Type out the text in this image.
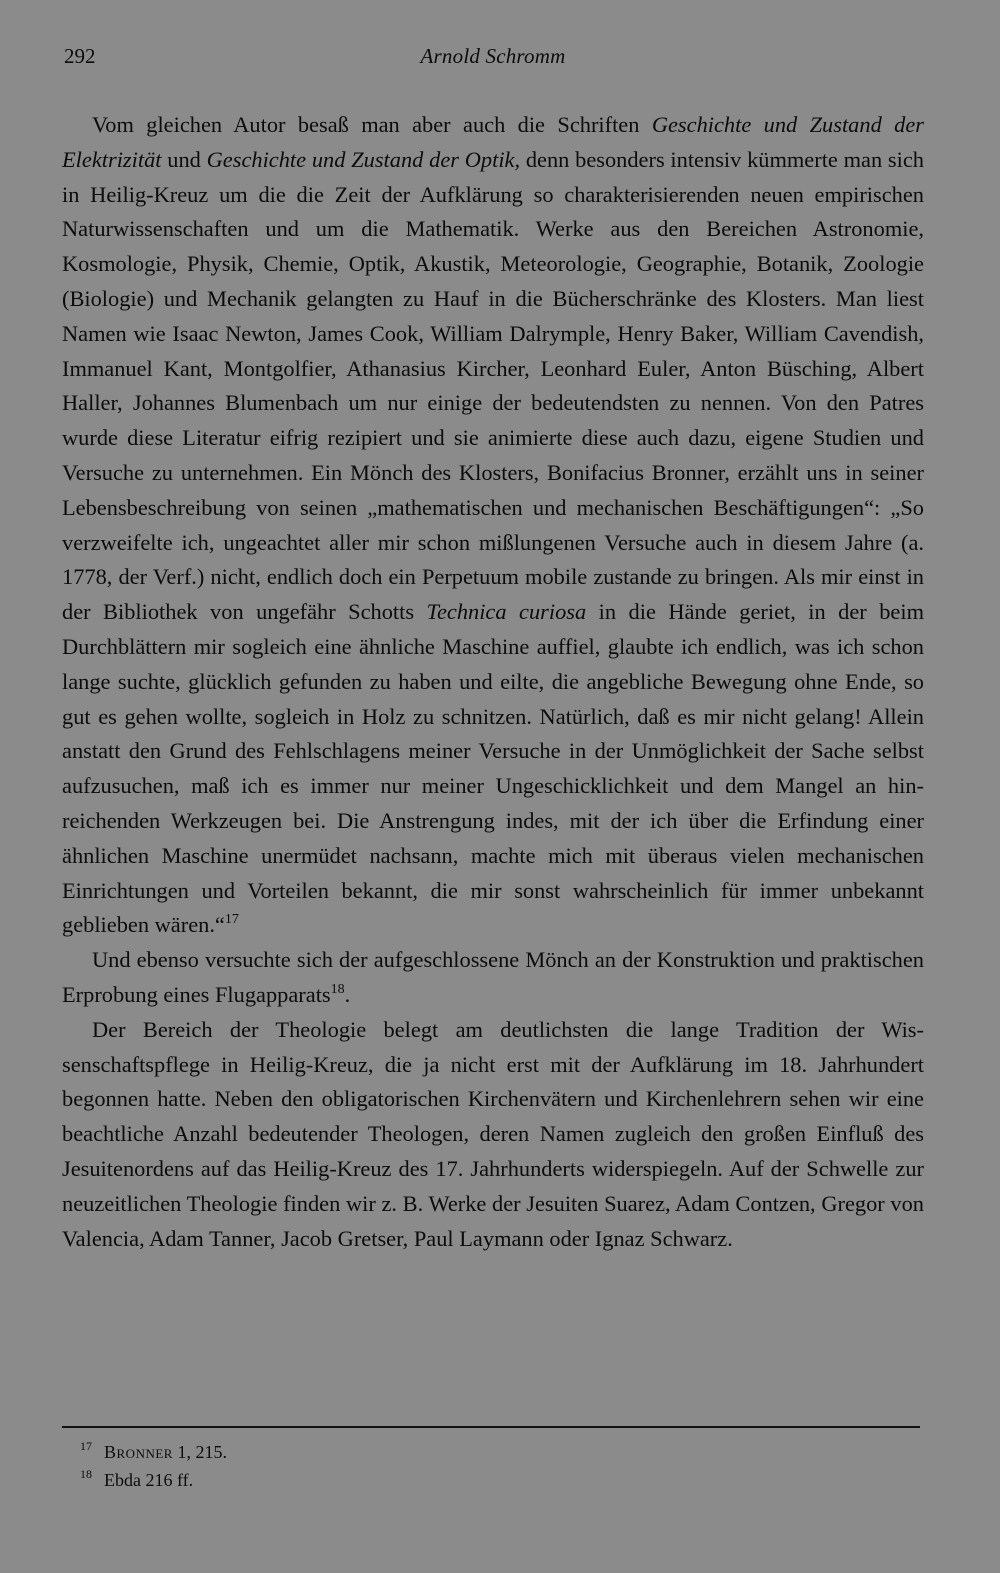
292	Arnold Schromm

Vom gleichen Autor besaß man aber auch die Schriften Geschichte und Zustand der Elektrizität und Geschichte und Zustand der Optik, denn besonders intensiv kümmerte man sich in Heilig-Kreuz um die die Zeit der Aufklärung so charakterisierenden neuen empirischen Naturwissenschaften und um die Mathematik. Werke aus den Bereichen Astronomie, Kosmologie, Physik, Chemie, Optik, Akustik, Meteorologie, Geographie, Botanik, Zoologie (Biologie) und Mechanik gelangten zu Hauf in die Bücherschränke des Klosters. Man liest Namen wie Isaac Newton, James Cook, William Dalrymple, Henry Baker, William Cavendish, Immanuel Kant, Montgolfier, Athanasius Kircher, Leonhard Euler, Anton Büsching, Albert Haller, Johannes Blumenbach um nur einige der bedeutendsten zu nennen. Von den Patres wurde diese Literatur eifrig rezipiert und sie animierte diese auch dazu, eigene Studien und Versuche zu unternehmen. Ein Mönch des Klosters, Bonifacius Bronner, erzählt uns in seiner Lebensbeschreibung von seinen „mathematischen und mechanischen Beschäftigungen“: „So verzweifelte ich, ungeachtet aller mir schon mißlungenen Versuche auch in diesem Jahre (a. 1778, der Verf.) nicht, endlich doch ein Perpetuum mobile zustande zu bringen. Als mir einst in der Bibliothek von ungefähr Schotts Technica curiosa in die Hände geriet, in der beim Durchblättern mir sogleich eine ähnliche Maschine auffiel, glaubte ich endlich, was ich schon lange suchte, glücklich gefunden zu haben und eilte, die angebliche Bewegung ohne Ende, so gut es gehen wollte, sogleich in Holz zu schnitzen. Natürlich, daß es mir nicht gelang! Allein anstatt den Grund des Fehlschlagens meiner Versuche in der Unmöglichkeit der Sache selbst aufzusuchen, maß ich es immer nur meiner Ungeschicklichkeit und dem Mangel an hinreichenden Werkzeugen bei. Die Anstrengung indes, mit der ich über die Erfindung einer ähnlichen Maschine unermüdet nachsann, machte mich mit überaus vielen mechanischen Einrichtungen und Vorteilen bekannt, die mir sonst wahrscheinlich für immer unbekannt geblieben wären.“$^{17}$

Und ebenso versuchte sich der aufgeschlossene Mönch an der Konstruktion und praktischen Erprobung eines Flugapparats$^{18}$.

Der Bereich der Theologie belegt am deutlichsten die lange Tradition der Wissenschaftspflege in Heilig-Kreuz, die ja nicht erst mit der Aufklärung im 18. Jahrhundert begonnen hatte. Neben den obligatorischen Kirchenvätern und Kirchenlehrern sehen wir eine beachtliche Anzahl bedeutender Theologen, deren Namen zugleich den großen Einfluß des Jesuitenordens auf das Heilig-Kreuz des 17. Jahrhunderts widerspiegeln. Auf der Schwelle zur neuzeitlichen Theologie finden wir z. B. Werke der Jesuiten Suarez, Adam Contzen, Gregor von Valencia, Adam Tanner, Jacob Gretser, Paul Laymann oder Ignaz Schwarz.

17 Bronner 1, 215.
18 Ebda 216 ff.
